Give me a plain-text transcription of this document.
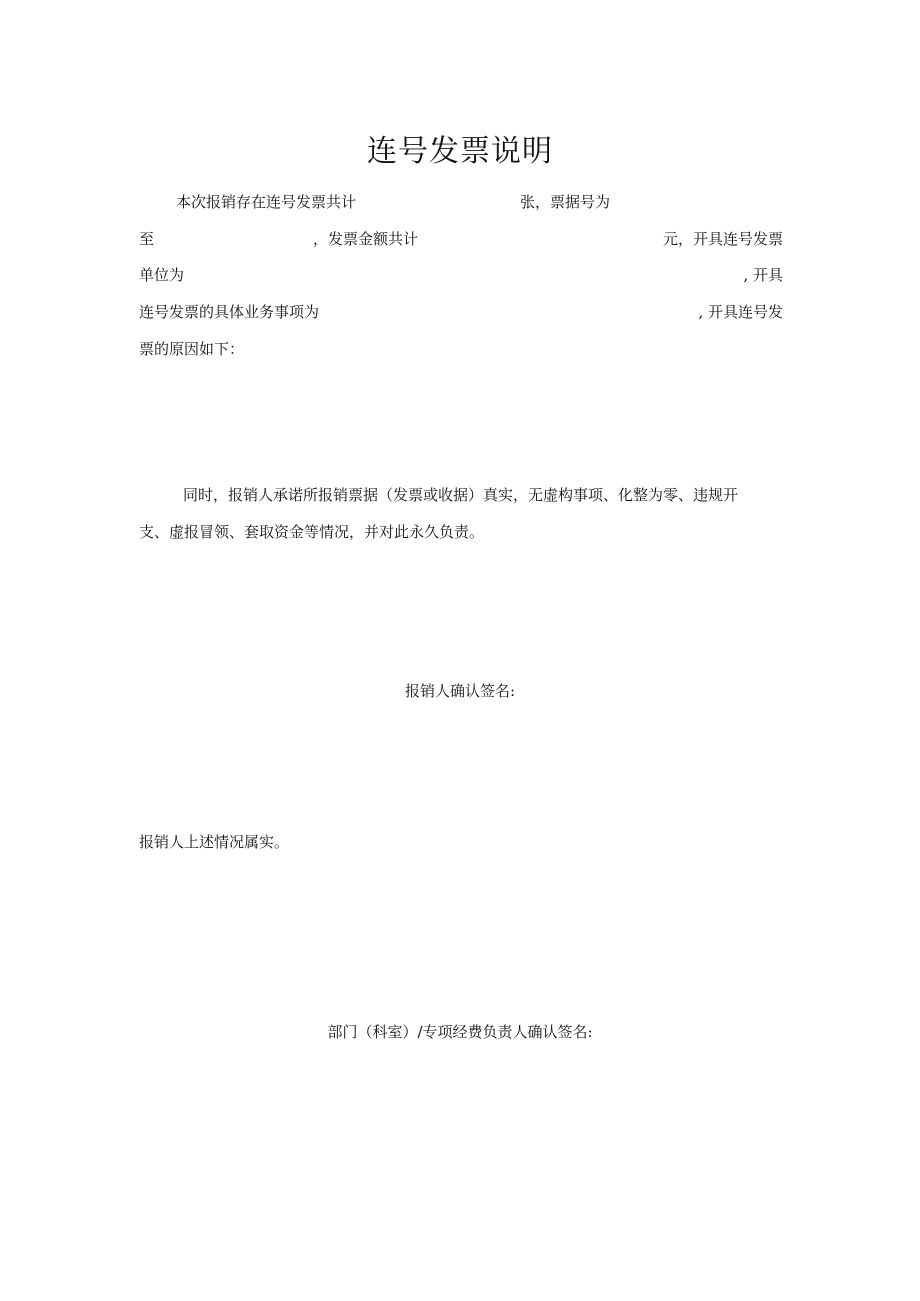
连号发票说明
本次报销存在连号发票共计	张，票据号为
至	，发票金额共计	元，开具连号发票
单位为	, 开具
连号发票的具体业务事项为	, 开具连号发
票的原因如下：
同时，报销人承诺所报销票据（发票或收据）真实，无虚构事项、化整为零、违规开
支、虚报冒领、套取资金等情况，并对此永久负责。
报销人确认签名:
报销人上述情况属实。
部门（科室）/专项经费负责人确认签名:
